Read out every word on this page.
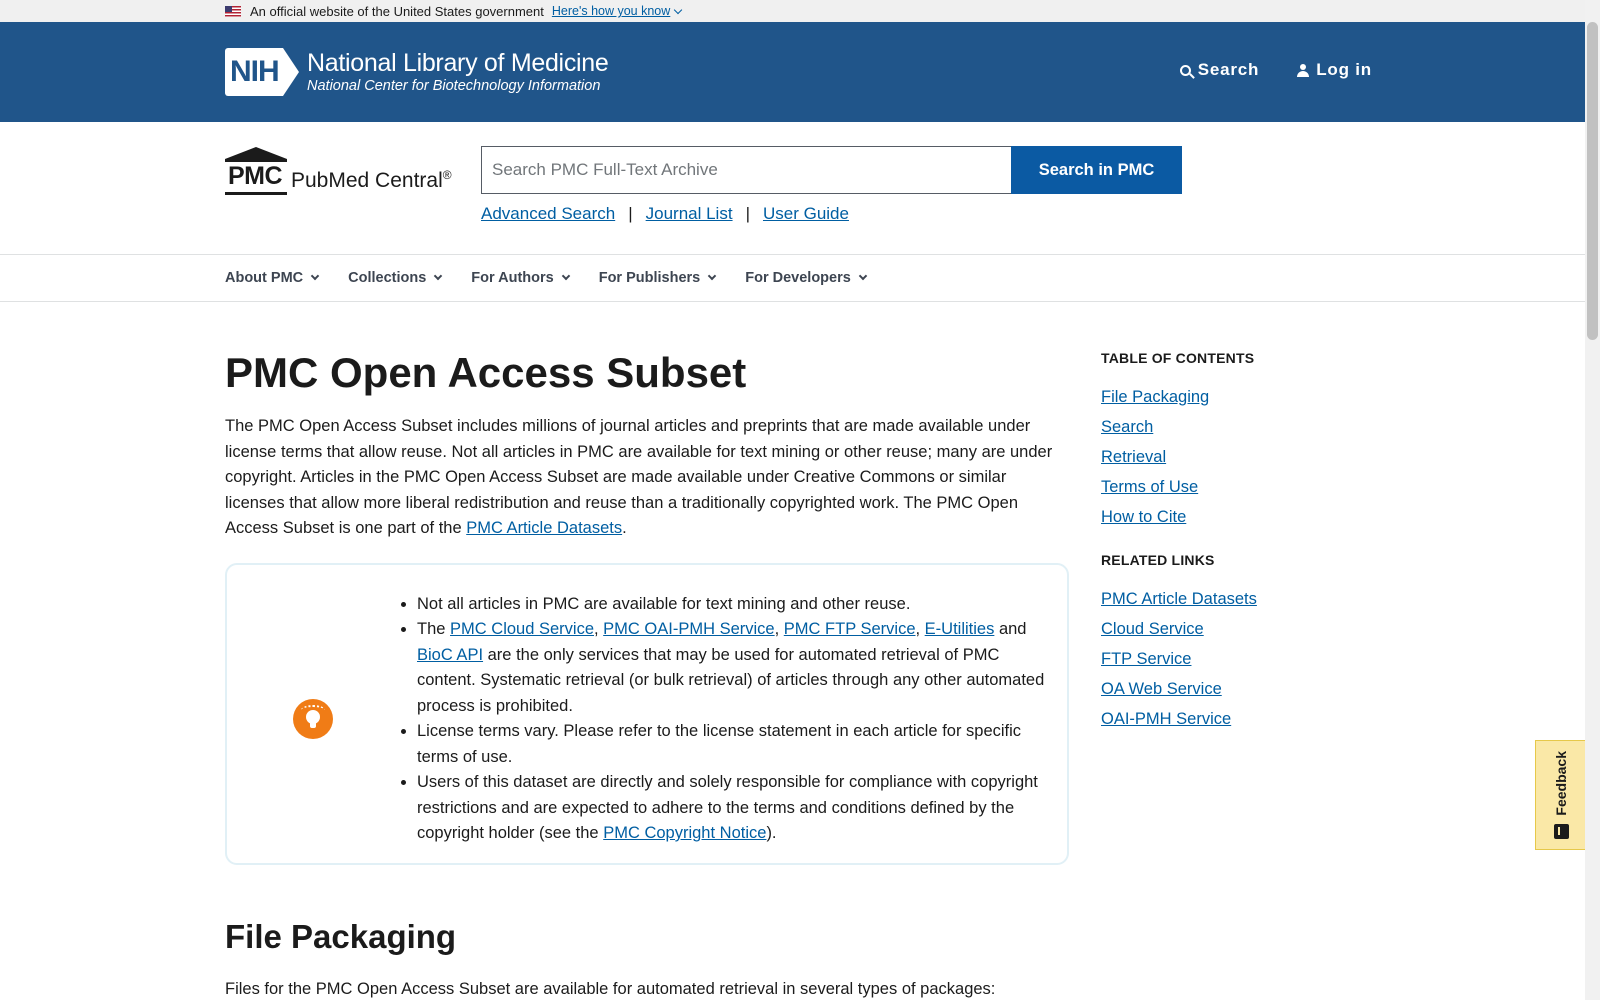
An official website of the United States government Here's how you know
NIH National Library of Medicine
National Center for Biotechnology Information
Search	Log in
PMC PubMed Central®
Search PMC Full-Text Archive	Search in PMC
Advanced Search | Journal List | User Guide
About PMC	Collections	For Authors	For Publishers	For Developers
PMC Open Access Subset

The PMC Open Access Subset includes millions of journal articles and preprints that are made available under license terms that allow reuse. Not all articles in PMC are available for text mining or other reuse; many are under copyright. Articles in the PMC Open Access Subset are made available under Creative Commons or similar licenses that allow more liberal redistribution and reuse than a traditionally copyrighted work. The PMC Open Access Subset is one part of the PMC Article Datasets.

• Not all articles in PMC are available for text mining and other reuse.
• The PMC Cloud Service, PMC OAI-PMH Service, PMC FTP Service, E-Utilities and BioC API are the only services that may be used for automated retrieval of PMC content. Systematic retrieval (or bulk retrieval) of articles through any other automated process is prohibited.
• License terms vary. Please refer to the license statement in each article for specific terms of use.
• Users of this dataset are directly and solely responsible for compliance with copyright restrictions and are expected to adhere to the terms and conditions defined by the copyright holder (see the PMC Copyright Notice).
File Packaging

Files for the PMC Open Access Subset are available for automated retrieval in several types of packages:

TABLE OF CONTENTS
File Packaging
Search
Retrieval
Terms of Use
How to Cite
RELATED LINKS
PMC Article Datasets
Cloud Service
FTP Service
OA Web Service
OAI-PMH Service
Feedback
